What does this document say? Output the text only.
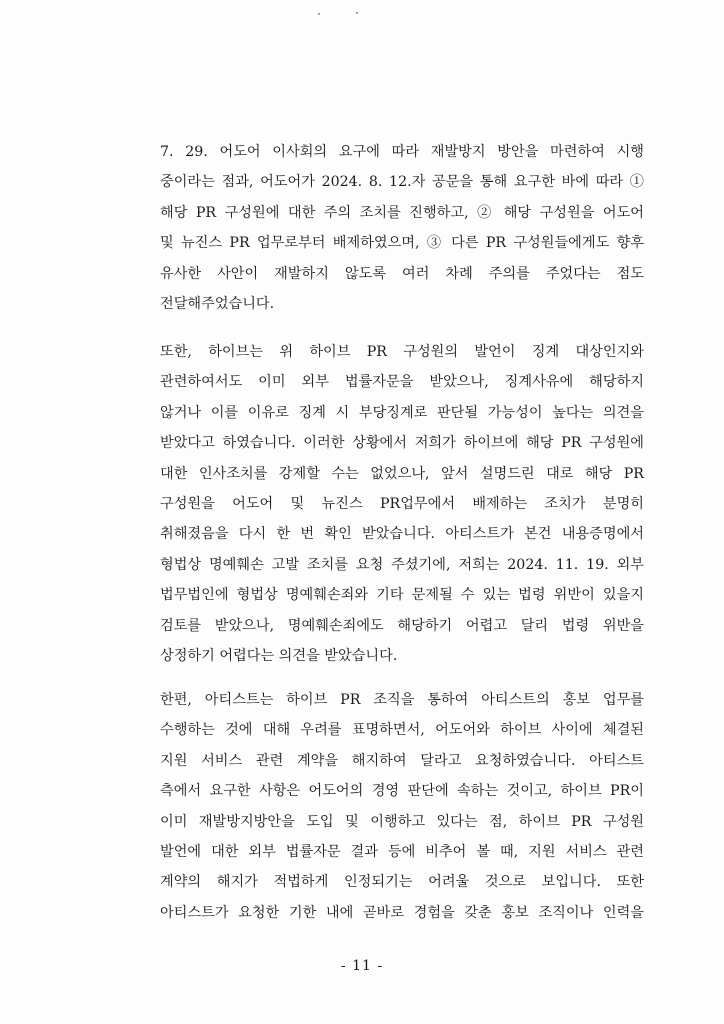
7. 29. 어도어 이사회의 요구에 따라 재발방지 방안을 마련하여 시행
중이라는 점과, 어도어가 2024. 8. 12.자 공문을 통해 요구한 바에 따라 ①
해당 PR 구성원에 대한 주의 조치를 진행하고, ② 해당 구성원을 어도어
및 뉴진스 PR 업무로부터 배제하였으며, ③ 다른 PR 구성원들에게도 향후
유사한 사안이 재발하지 않도록 여러 차례 주의를 주었다는 점도
전달해주었습니다.

또한, 하이브는 위 하이브 PR 구성원의 발언이 징계 대상인지와
관련하여서도 이미 외부 법률자문을 받았으나, 징계사유에 해당하지
않거나 이를 이유로 징계 시 부당징계로 판단될 가능성이 높다는 의견을
받았다고 하였습니다. 이러한 상황에서 저희가 하이브에 해당 PR 구성원에
대한 인사조치를 강제할 수는 없었으나, 앞서 설명드린 대로 해당 PR
구성원을 어도어 및 뉴진스 PR업무에서 배제하는 조치가 분명히
취해졌음을 다시 한 번 확인 받았습니다. 아티스트가 본건 내용증명에서
형법상 명예훼손 고발 조치를 요청 주셨기에, 저희는 2024. 11. 19. 외부
법무법인에 형법상 명예훼손죄와 기타 문제될 수 있는 법령 위반이 있을지
검토를 받았으나, 명예훼손죄에도 해당하기 어렵고 달리 법령 위반을
상정하기 어렵다는 의견을 받았습니다.

한편, 아티스트는 하이브 PR 조직을 통하여 아티스트의 홍보 업무를
수행하는 것에 대해 우려를 표명하면서, 어도어와 하이브 사이에 체결된
지원 서비스 관련 계약을 해지하여 달라고 요청하였습니다. 아티스트
측에서 요구한 사항은 어도어의 경영 판단에 속하는 것이고, 하이브 PR이
이미 재발방지방안을 도입 및 이행하고 있다는 점, 하이브 PR 구성원
발언에 대한 외부 법률자문 결과 등에 비추어 볼 때, 지원 서비스 관련
계약의 해지가 적법하게 인정되기는 어려울 것으로 보입니다. 또한
아티스트가 요청한 기한 내에 곧바로 경험을 갖춘 홍보 조직이나 인력을

- 11 -
